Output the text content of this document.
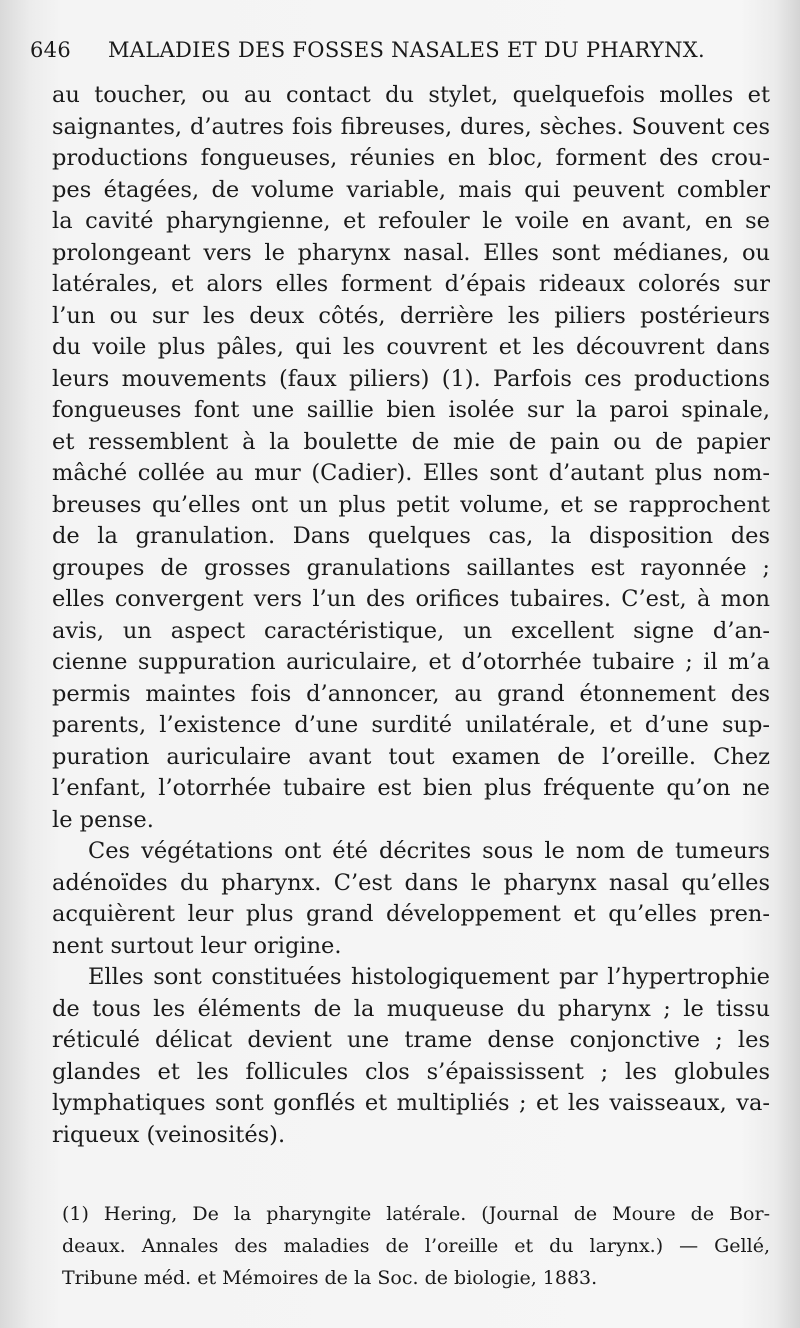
646 MALADIES DES FOSSES NASALES ET DU PHARYNX.
au toucher, ou au contact du stylet, quelquefois molles et
saignantes, d’autres fois fibreuses, dures, sèches. Souvent ces
productions fongueuses, réunies en bloc, forment des crou-
pes étagées, de volume variable, mais qui peuvent combler
la cavité pharyngienne, et refouler le voile en avant, en se
prolongeant vers le pharynx nasal. Elles sont médianes, ou
latérales, et alors elles forment d’épais rideaux colorés sur
l’un ou sur les deux côtés, derrière les piliers postérieurs
du voile plus pâles, qui les couvrent et les découvrent dans
leurs mouvements (faux piliers) (1). Parfois ces productions
fongueuses font une saillie bien isolée sur la paroi spinale,
et ressemblent à la boulette de mie de pain ou de papier
mâché collée au mur (Cadier). Elles sont d’autant plus nom-
breuses qu’elles ont un plus petit volume, et se rapprochent
de la granulation. Dans quelques cas, la disposition des
groupes de grosses granulations saillantes est rayonnée ;
elles convergent vers l’un des orifices tubaires. C’est, à mon
avis, un aspect caractéristique, un excellent signe d’an-
cienne suppuration auriculaire, et d’otorrhée tubaire ; il m’a
permis maintes fois d’annoncer, au grand étonnement des
parents, l’existence d’une surdité unilatérale, et d’une sup-
puration auriculaire avant tout examen de l’oreille. Chez
l’enfant, l’otorrhée tubaire est bien plus fréquente qu’on ne
le pense.
Ces végétations ont été décrites sous le nom de tumeurs
adénoïdes du pharynx. C’est dans le pharynx nasal qu’elles
acquièrent leur plus grand développement et qu’elles pren-
nent surtout leur origine.
Elles sont constituées histologiquement par l’hypertrophie
de tous les éléments de la muqueuse du pharynx ; le tissu
réticulé délicat devient une trame dense conjonctive ; les
glandes et les follicules clos s’épaississent ; les globules
lymphatiques sont gonflés et multipliés ; et les vaisseaux, va-
riqueux (veinosités).
(1) Hering, De la pharyngite latérale. (Journal de Moure de Bor-
deaux. Annales des maladies de l’oreille et du larynx.) — Gellé,
Tribune méd. et Mémoires de la Soc. de biologie, 1883.
